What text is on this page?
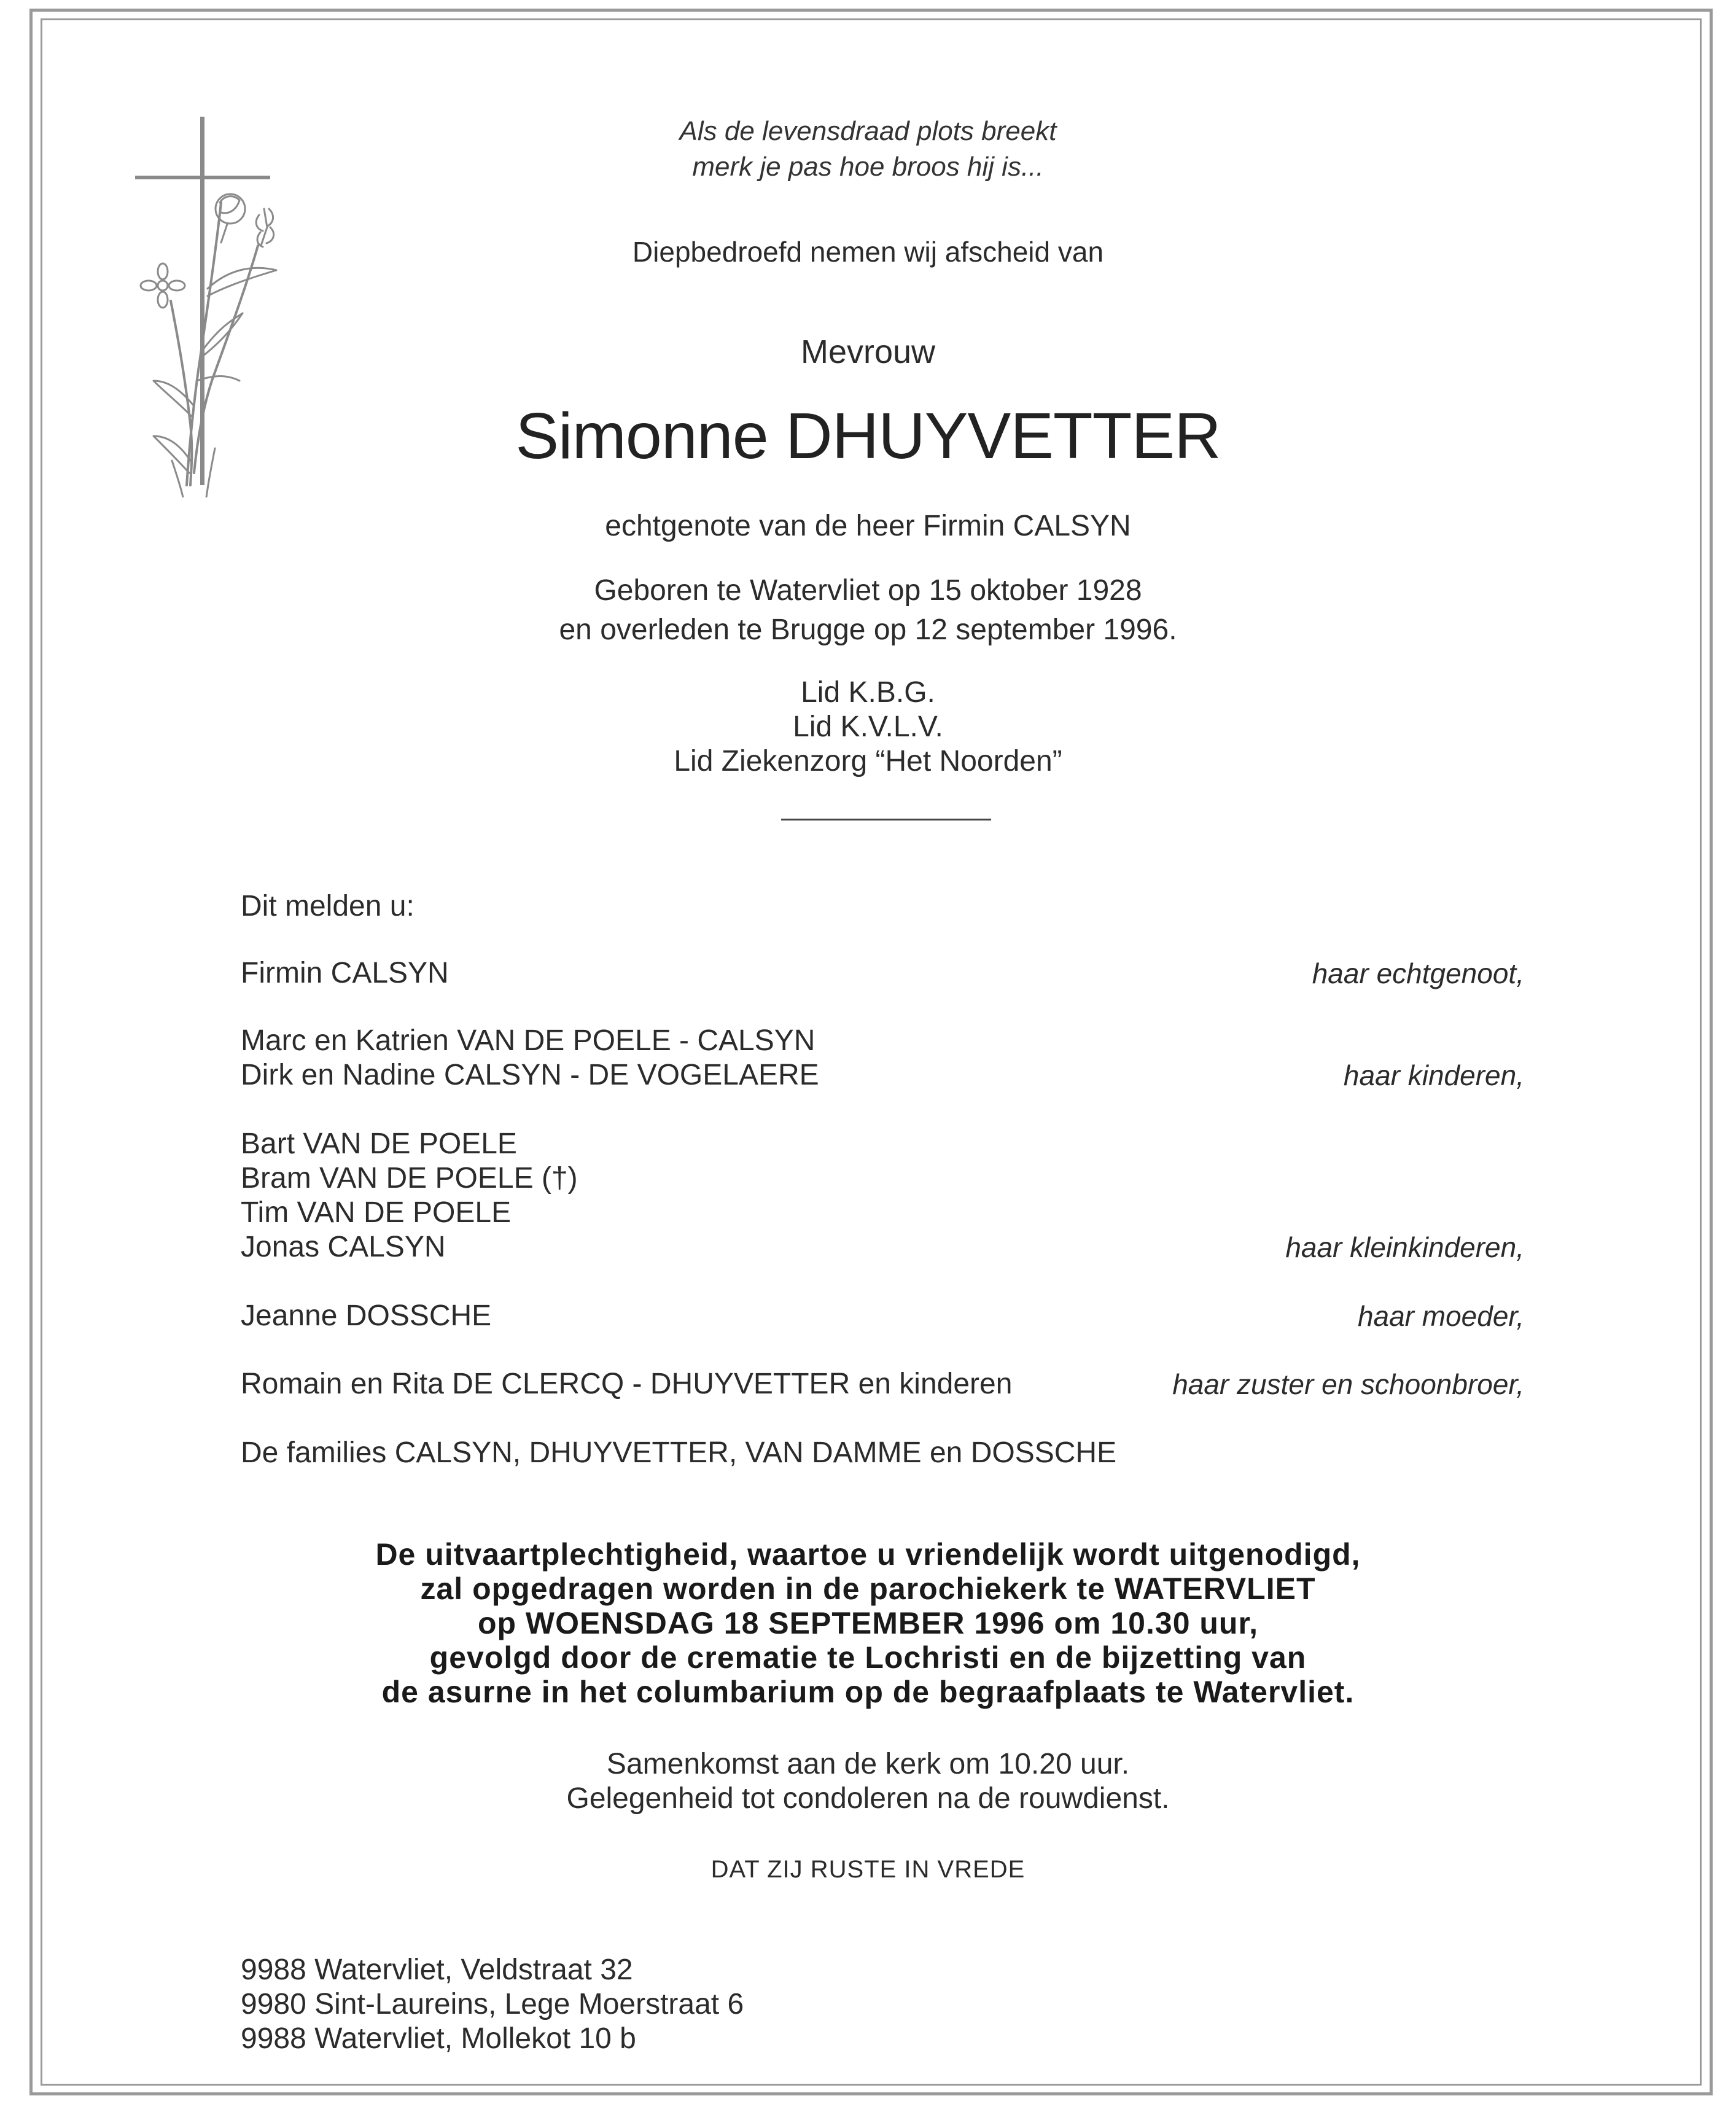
Als de levensdraad plots breekt
merk je pas hoe broos hij is...
Diepbedroefd nemen wij afscheid van
Mevrouw
Simonne DHUYVETTER
echtgenote van de heer Firmin CALSYN
Geboren te Watervliet op 15 oktober 1928
en overleden te Brugge op 12 september 1996.
Lid K.B.G.
Lid K.V.L.V.
Lid Ziekenzorg “Het Noorden”
Dit melden u:
Firmin CALSYN	haar echtgenoot,
Marc en Katrien VAN DE POELE - CALSYN
Dirk en Nadine CALSYN - DE VOGELAERE	haar kinderen,
Bart VAN DE POELE
Bram VAN DE POELE (†)
Tim VAN DE POELE
Jonas CALSYN	haar kleinkinderen,
Jeanne DOSSCHE	haar moeder,
Romain en Rita DE CLERCQ - DHUYVETTER en kinderen	haar zuster en schoonbroer,
De families CALSYN, DHUYVETTER, VAN DAMME en DOSSCHE
De uitvaartplechtigheid, waartoe u vriendelijk wordt uitgenodigd,
zal opgedragen worden in de parochiekerk te WATERVLIET
op WOENSDAG 18 SEPTEMBER 1996 om 10.30 uur,
gevolgd door de crematie te Lochristi en de bijzetting van
de asurne in het columbarium op de begraafplaats te Watervliet.
Samenkomst aan de kerk om 10.20 uur.
Gelegenheid tot condoleren na de rouwdienst.
DAT ZIJ RUSTE IN VREDE
9988 Watervliet, Veldstraat 32
9980 Sint-Laureins, Lege Moerstraat 6
9988 Watervliet, Mollekot 10 b
